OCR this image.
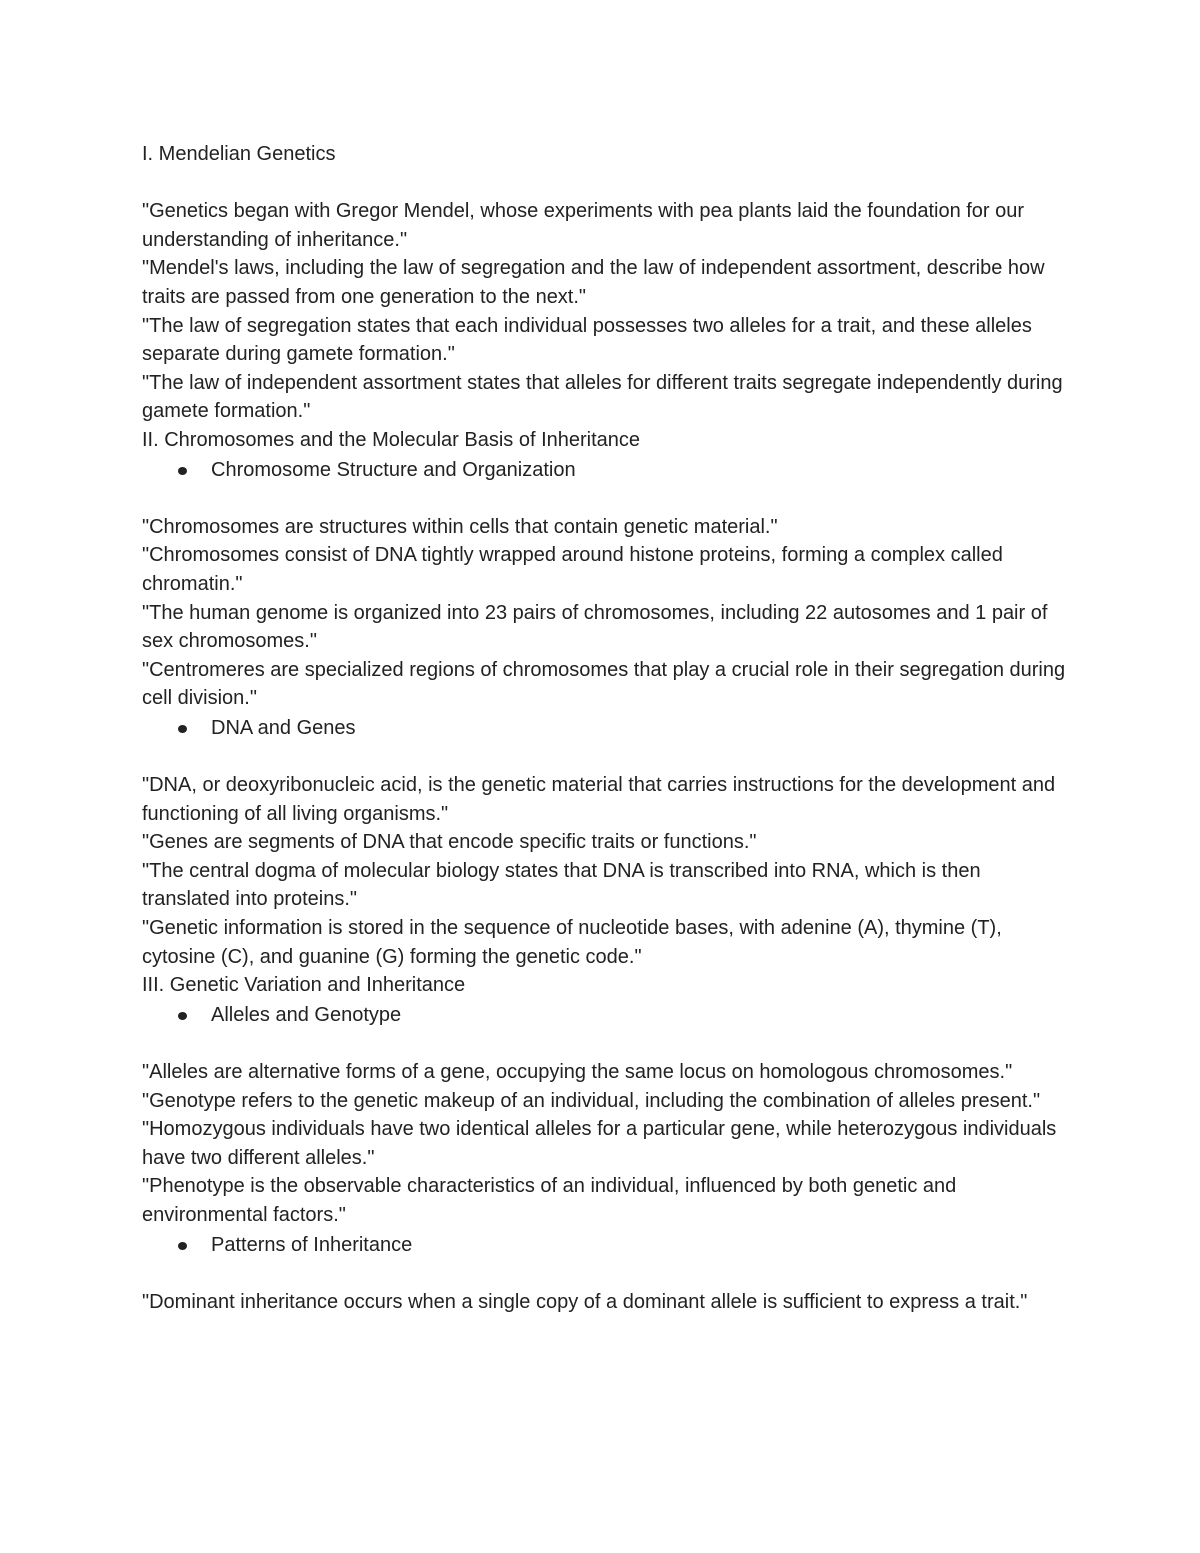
I. Mendelian Genetics
"Genetics began with Gregor Mendel, whose experiments with pea plants laid the foundation for our understanding of inheritance."
"Mendel's laws, including the law of segregation and the law of independent assortment, describe how traits are passed from one generation to the next."
"The law of segregation states that each individual possesses two alleles for a trait, and these alleles separate during gamete formation."
"The law of independent assortment states that alleles for different traits segregate independently during gamete formation."
II. Chromosomes and the Molecular Basis of Inheritance
Chromosome Structure and Organization
"Chromosomes are structures within cells that contain genetic material."
"Chromosomes consist of DNA tightly wrapped around histone proteins, forming a complex called chromatin."
"The human genome is organized into 23 pairs of chromosomes, including 22 autosomes and 1 pair of sex chromosomes."
"Centromeres are specialized regions of chromosomes that play a crucial role in their segregation during cell division."
DNA and Genes
"DNA, or deoxyribonucleic acid, is the genetic material that carries instructions for the development and functioning of all living organisms."
"Genes are segments of DNA that encode specific traits or functions."
"The central dogma of molecular biology states that DNA is transcribed into RNA, which is then translated into proteins."
"Genetic information is stored in the sequence of nucleotide bases, with adenine (A), thymine (T), cytosine (C), and guanine (G) forming the genetic code."
III. Genetic Variation and Inheritance
Alleles and Genotype
"Alleles are alternative forms of a gene, occupying the same locus on homologous chromosomes."
"Genotype refers to the genetic makeup of an individual, including the combination of alleles present."
"Homozygous individuals have two identical alleles for a particular gene, while heterozygous individuals have two different alleles."
"Phenotype is the observable characteristics of an individual, influenced by both genetic and environmental factors."
Patterns of Inheritance
"Dominant inheritance occurs when a single copy of a dominant allele is sufficient to express a trait."
